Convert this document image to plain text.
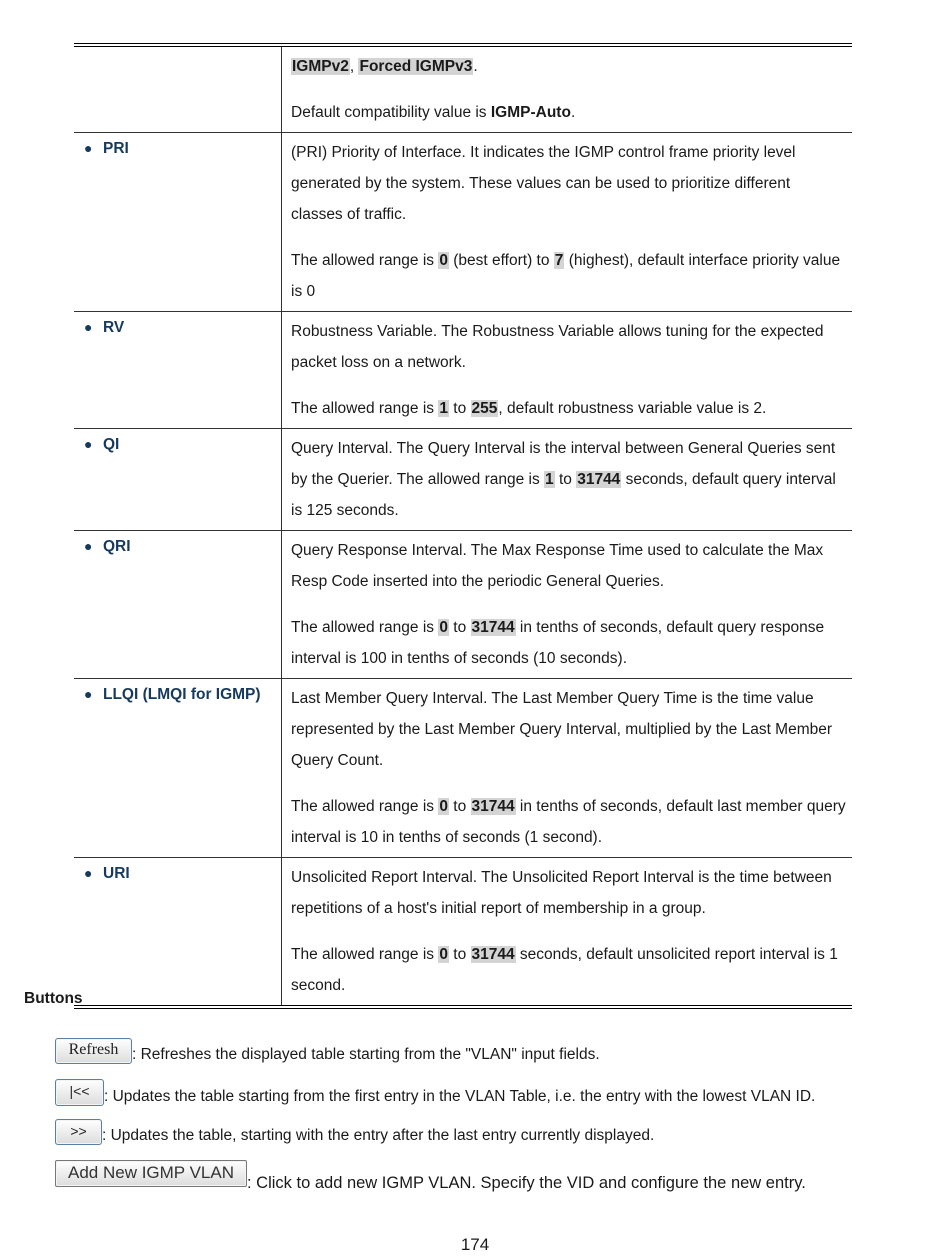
	IGMPv2, Forced IGMPv3.

Default compatibility value is IGMP-Auto.

● PRI	(PRI) Priority of Interface. It indicates the IGMP control frame priority level generated by the system. These values can be used to prioritize different classes of traffic.

The allowed range is 0 (best effort) to 7 (highest), default interface priority value is 0

● RV	Robustness Variable. The Robustness Variable allows tuning for the expected packet loss on a network.

The allowed range is 1 to 255, default robustness variable value is 2.

● QI	Query Interval. The Query Interval is the interval between General Queries sent by the Querier. The allowed range is 1 to 31744 seconds, default query interval is 125 seconds.

● QRI	Query Response Interval. The Max Response Time used to calculate the Max Resp Code inserted into the periodic General Queries.

The allowed range is 0 to 31744 in tenths of seconds, default query response interval is 100 in tenths of seconds (10 seconds).

● LLQI (LMQI for IGMP)	Last Member Query Interval. The Last Member Query Time is the time value represented by the Last Member Query Interval, multiplied by the Last Member Query Count.

The allowed range is 0 to 31744 in tenths of seconds, default last member query interval is 10 in tenths of seconds (1 second).

● URI	Unsolicited Report Interval. The Unsolicited Report Interval is the time between repetitions of a host's initial report of membership in a group.

The allowed range is 0 to 31744 seconds, default unsolicited report interval is 1 second.

Buttons
Refresh : Refreshes the displayed table starting from the "VLAN" input fields.
|<< : Updates the table starting from the first entry in the VLAN Table, i.e. the entry with the lowest VLAN ID.
>> : Updates the table, starting with the entry after the last entry currently displayed.
Add New IGMP VLAN: Click to add new IGMP VLAN. Specify the VID and configure the new entry.
174
